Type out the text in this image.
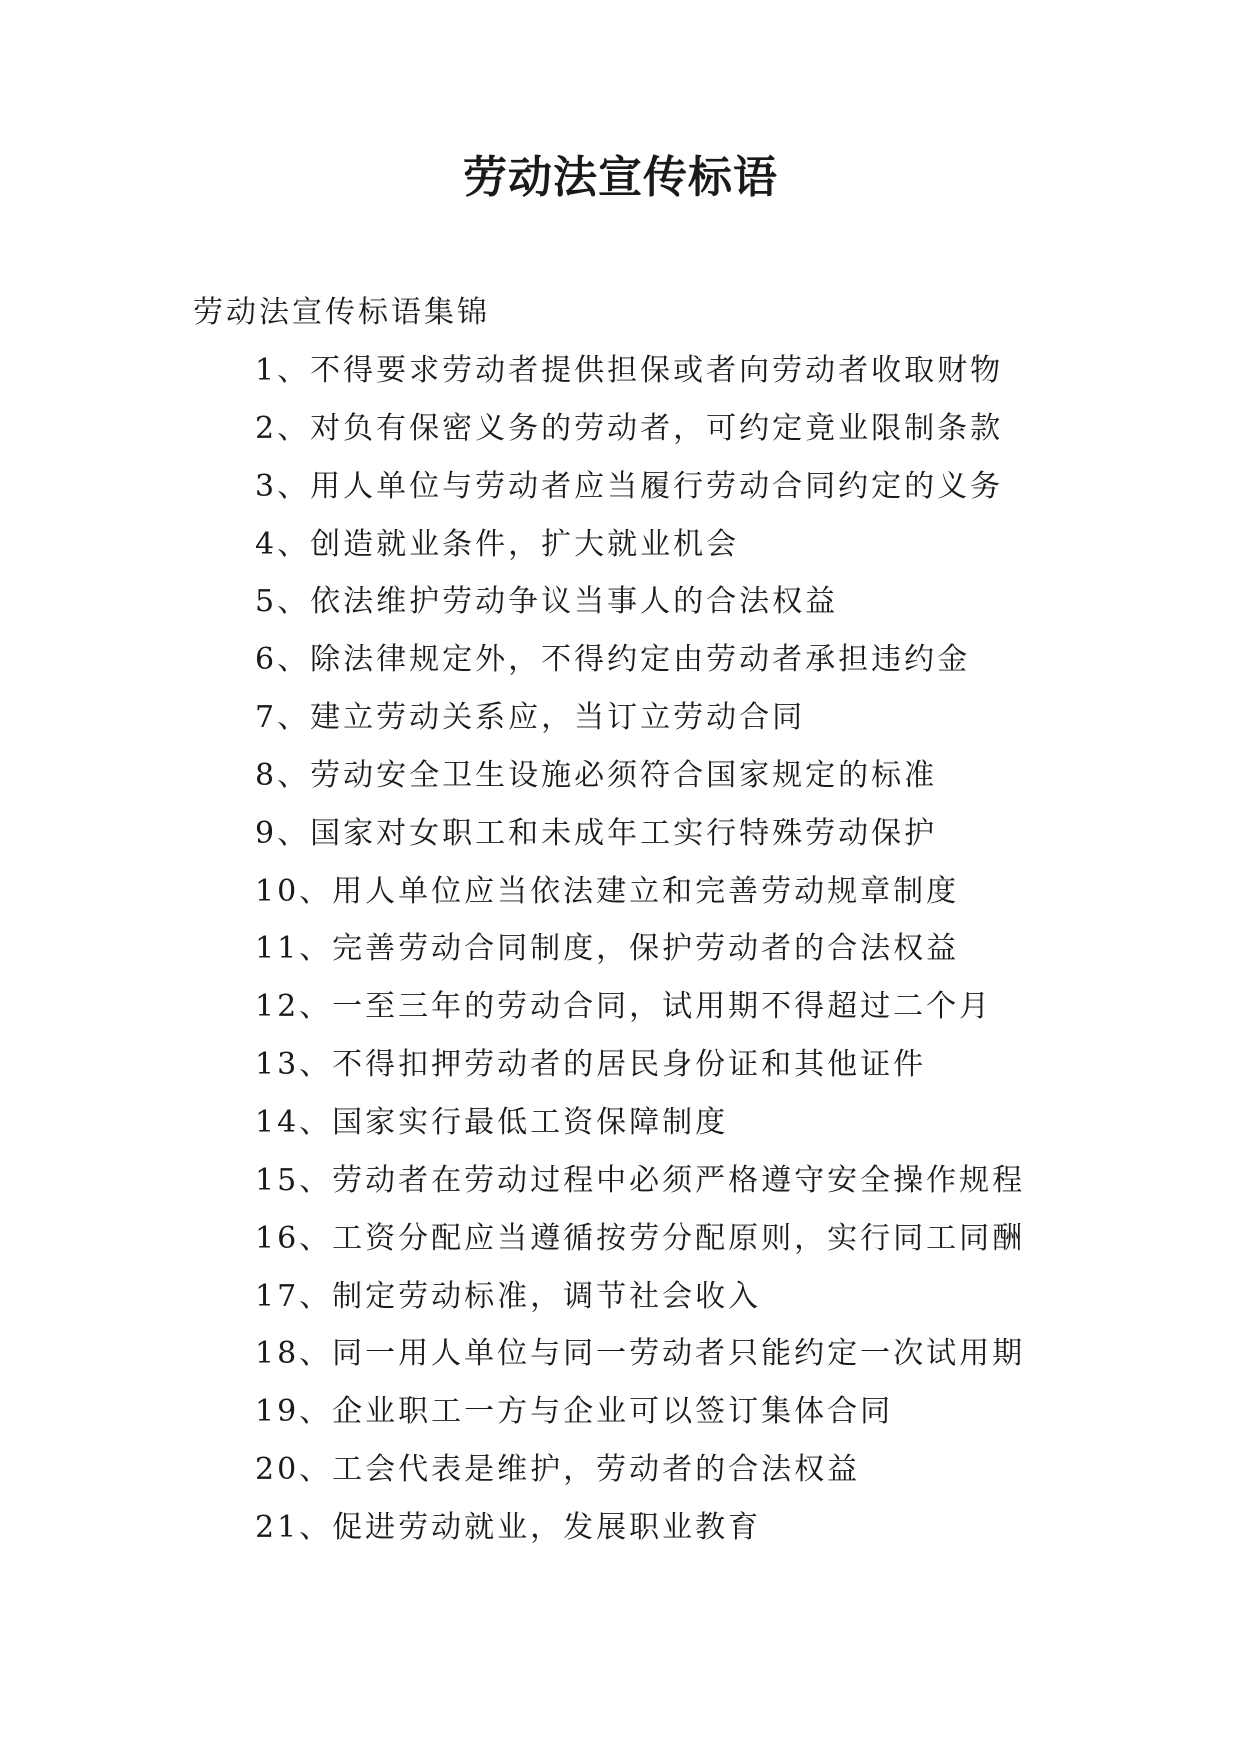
劳动法宣传标语
劳动法宣传标语集锦
1、不得要求劳动者提供担保或者向劳动者收取财物
2、对负有保密义务的劳动者，可约定竟业限制条款
3、用人单位与劳动者应当履行劳动合同约定的义务
4、创造就业条件，扩大就业机会
5、依法维护劳动争议当事人的合法权益
6、除法律规定外，不得约定由劳动者承担违约金
7、建立劳动关系应，当订立劳动合同
8、劳动安全卫生设施必须符合国家规定的标准
9、国家对女职工和未成年工实行特殊劳动保护
10、用人单位应当依法建立和完善劳动规章制度
11、完善劳动合同制度，保护劳动者的合法权益
12、一至三年的劳动合同，试用期不得超过二个月
13、不得扣押劳动者的居民身份证和其他证件
14、国家实行最低工资保障制度
15、劳动者在劳动过程中必须严格遵守安全操作规程
16、工资分配应当遵循按劳分配原则，实行同工同酬
17、制定劳动标准，调节社会收入
18、同一用人单位与同一劳动者只能约定一次试用期
19、企业职工一方与企业可以签订集体合同
20、工会代表是维护，劳动者的合法权益
21、促进劳动就业，发展职业教育
